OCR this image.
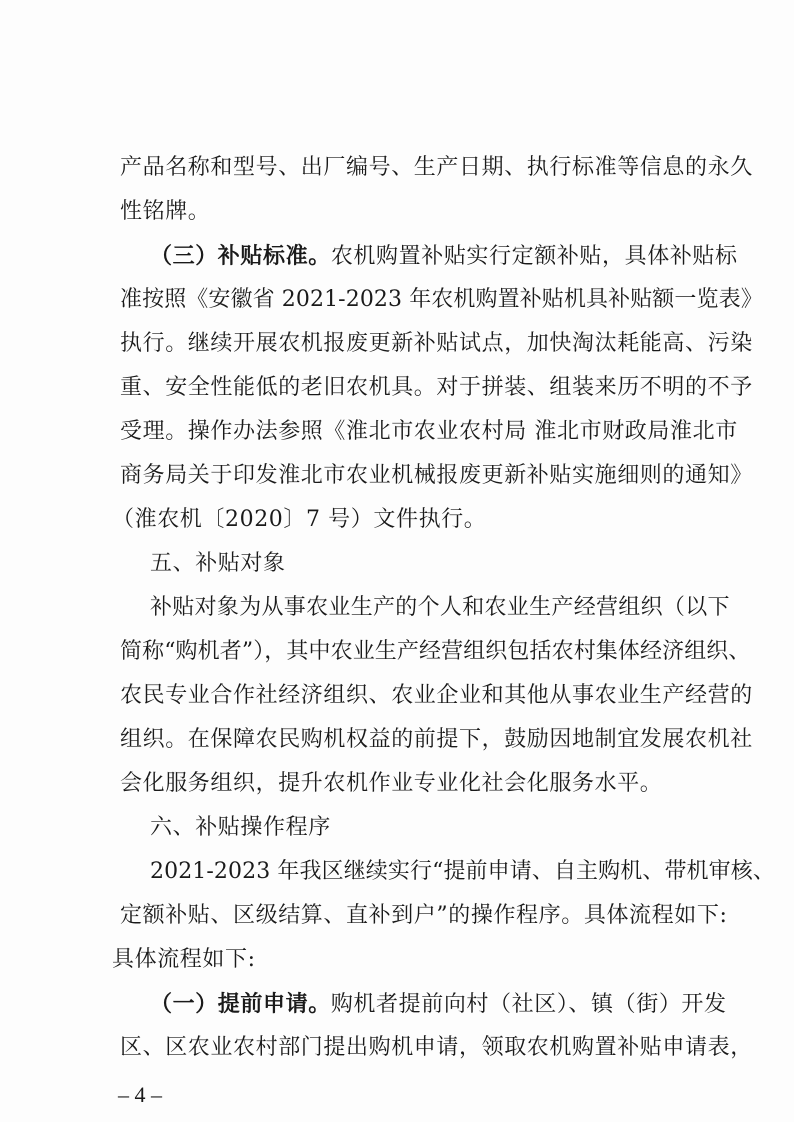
产品名称和型号、出厂编号、生产日期、执行标准等信息的永久
性铭牌。
（三）补贴标准。农机购置补贴实行定额补贴，具体补贴标
准按照《安徽省 2021-2023 年农机购置补贴机具补贴额一览表》
执行。继续开展农机报废更新补贴试点，加快淘汰耗能高、污染
重、安全性能低的老旧农机具。对于拼装、组装来历不明的不予
受理。操作办法参照《淮北市农业农村局 淮北市财政局淮北市
商务局关于印发淮北市农业机械报废更新补贴实施细则的通知》
（淮农机〔2020〕7 号）文件执行。
五、补贴对象
补贴对象为从事农业生产的个人和农业生产经营组织（以下
简称“购机者”），其中农业生产经营组织包括农村集体经济组织、
农民专业合作社经济组织、农业企业和其他从事农业生产经营的
组织。在保障农民购机权益的前提下，鼓励因地制宜发展农机社
会化服务组织，提升农机作业专业化社会化服务水平。
六、补贴操作程序
2021-2023 年我区继续实行“提前申请、自主购机、带机审核、
定额补贴、区级结算、直补到户”的操作程序。具体流程如下:
具体流程如下:
（一）提前申请。购机者提前向村（社区）、镇（街）开发
区、区农业农村部门提出购机申请，领取农机购置补贴申请表，
– 4 –
